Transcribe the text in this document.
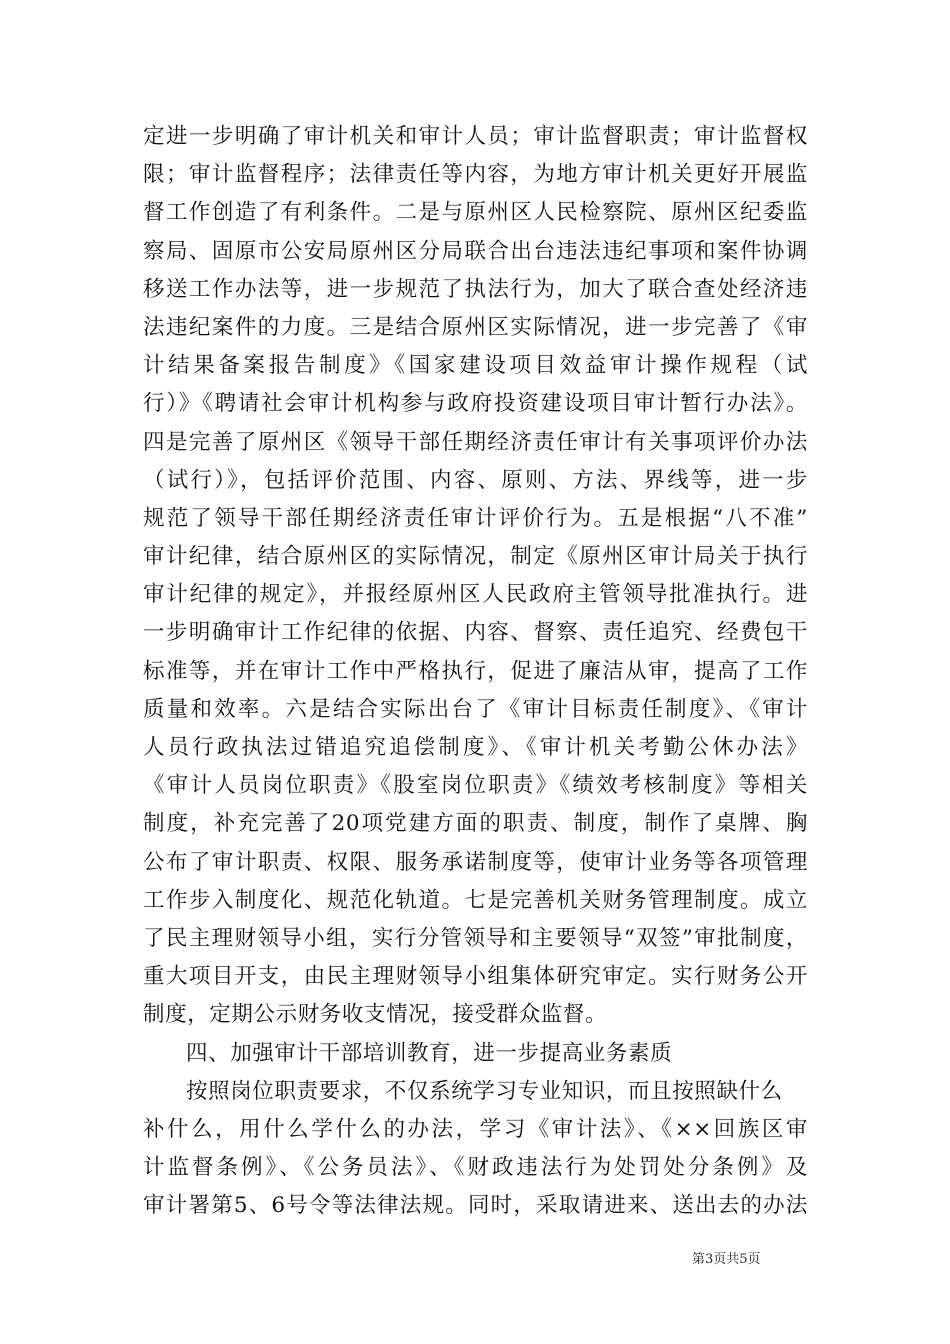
定进一步明确了审计机关和审计人员；审计监督职责；审计监督权
限；审计监督程序；法律责任等内容，为地方审计机关更好开展监
督工作创造了有利条件。二是与原州区人民检察院、原州区纪委监
察局、固原市公安局原州区分局联合出台违法违纪事项和案件协调
移送工作办法等，进一步规范了执法行为，加大了联合查处经济违
法违纪案件的力度。三是结合原州区实际情况，进一步完善了《审
计结果备案报告制度》《国家建设项目效益审计操作规程（试
行）》《聘请社会审计机构参与政府投资建设项目审计暂行办法》。
四是完善了原州区《领导干部任期经济责任审计有关事项评价办法
（试行）》，包括评价范围、内容、原则、方法、界线等，进一步
规范了领导干部任期经济责任审计评价行为。五是根据“八不准”
审计纪律，结合原州区的实际情况，制定《原州区审计局关于执行
审计纪律的规定》，并报经原州区人民政府主管领导批准执行。进
一步明确审计工作纪律的依据、内容、督察、责任追究、经费包干
标准等，并在审计工作中严格执行，促进了廉洁从审，提高了工作
质量和效率。六是结合实际出台了《审计目标责任制度》、《审计
人员行政执法过错追究追偿制度》、《审计机关考勤公休办法》
《审计人员岗位职责》《股室岗位职责》《绩效考核制度》等相关
制度，补充完善了20项党建方面的职责、制度，制作了桌牌、胸
公布了审计职责、权限、服务承诺制度等，使审计业务等各项管理
工作步入制度化、规范化轨道。七是完善机关财务管理制度。成立
了民主理财领导小组，实行分管领导和主要领导“双签”审批制度，
重大项目开支，由民主理财领导小组集体研究审定。实行财务公开
制度，定期公示财务收支情况，接受群众监督。
四、加强审计干部培训教育，进一步提高业务素质
按照岗位职责要求，不仅系统学习专业知识，而且按照缺什么
补什么，用什么学什么的办法，学习《审计法》、《××回族区审
计监督条例》、《公务员法》、《财政违法行为处罚处分条例》及
审计署第5、6号令等法律法规。同时，采取请进来、送出去的办法
第3页共5页
